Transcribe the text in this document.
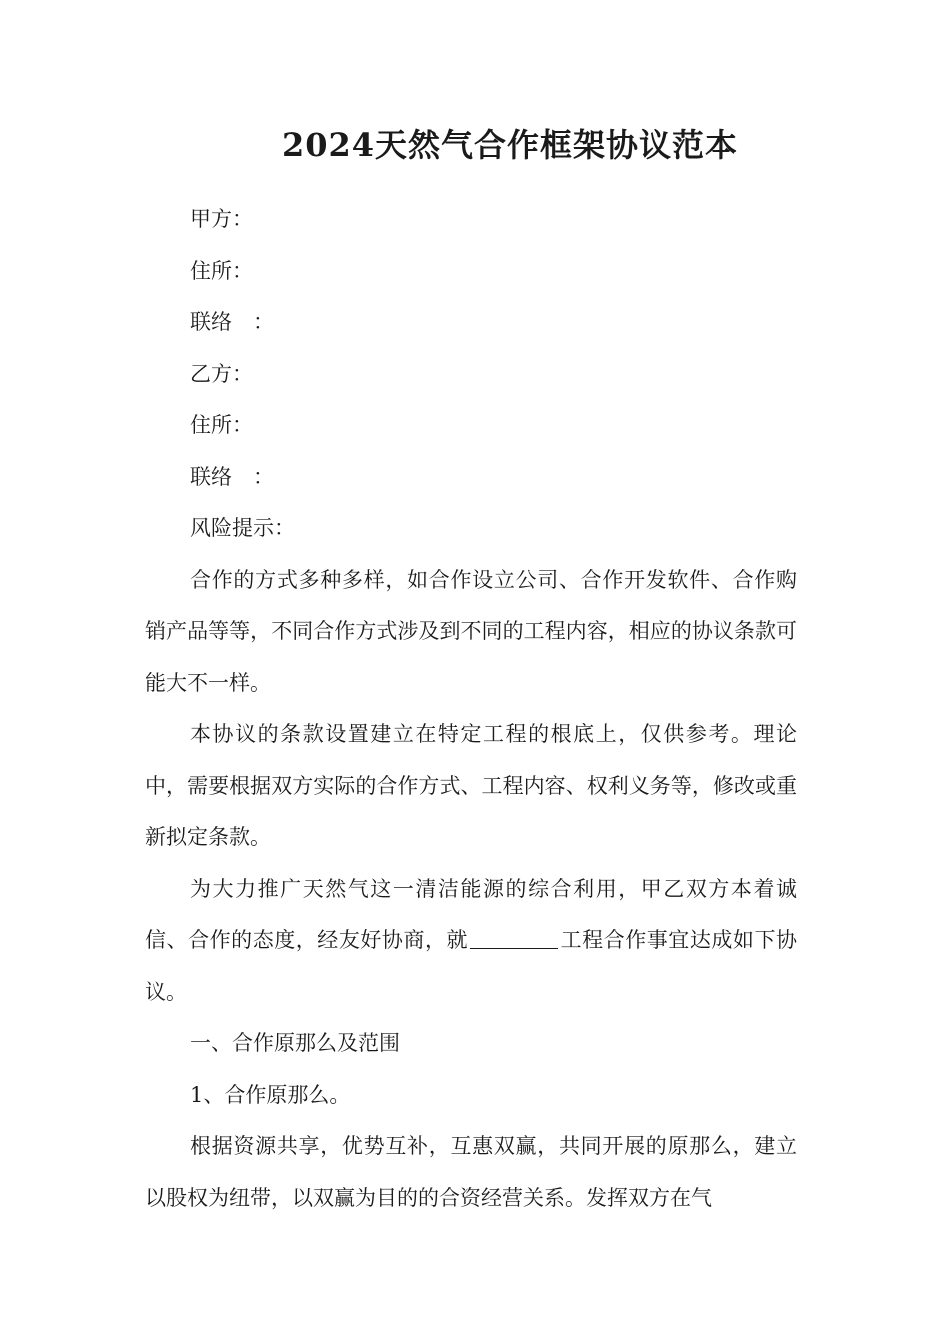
2024天然气合作框架协议范本

甲方：

住所：

联络　：

乙方：

住所：

联络　：

风险提示：

合作的方式多种多样，如合作设立公司、合作开发软件、合作购销产品等等，不同合作方式涉及到不同的工程内容，相应的协议条款可能大不一样。

本协议的条款设置建立在特定工程的根底上，仅供参考。理论中，需要根据双方实际的合作方式、工程内容、权利义务等，修改或重新拟定条款。

为大力推广天然气这一清洁能源的综合利用，甲乙双方本着诚信、合作的态度，经友好协商，就	工程合作事宜达成如下协议。

一、合作原那么及范围

1、合作原那么。

根据资源共享，优势互补，互惠双赢，共同开展的原那么，建立以股权为纽带，以双赢为目的的合资经营关系。发挥双方在气
